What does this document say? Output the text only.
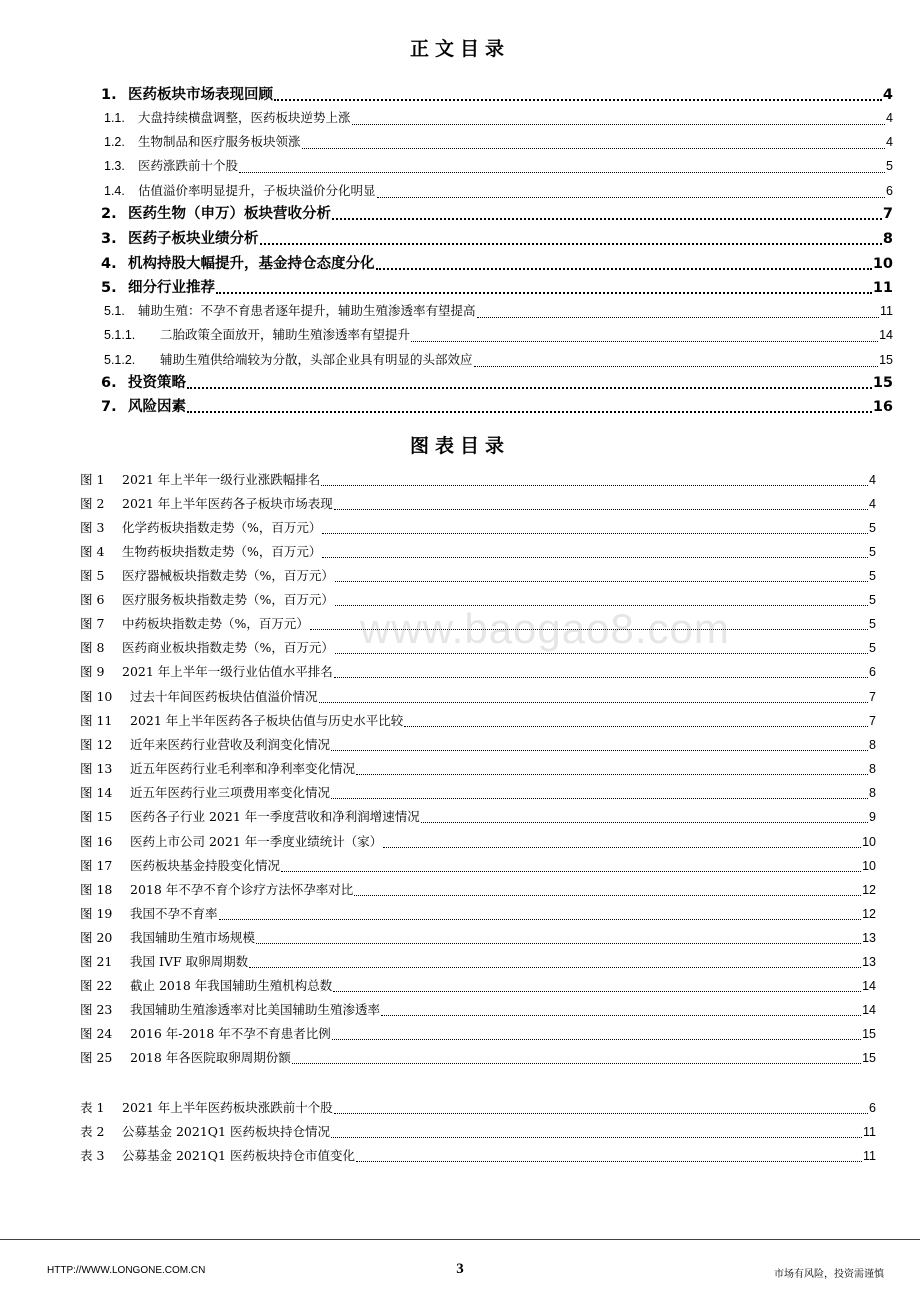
正文目录
1. 医药板块市场表现回顾	4
1.1.	大盘持续横盘调整，医药板块逆势上涨	4
1.2.	生物制品和医疗服务板块领涨	4
1.3.	医药涨跌前十个股	5
1.4.	估值溢价率明显提升，子板块溢价分化明显	6
2. 医药生物（申万）板块营收分析	7
3. 医药子板块业绩分析	8
4. 机构持股大幅提升，基金持仓态度分化	10
5. 细分行业推荐	11
5.1.	辅助生殖：不孕不育患者逐年提升，辅助生殖渗透率有望提高	11
5.1.1.	二胎政策全面放开，辅助生殖渗透率有望提升	14
5.1.2.	辅助生殖供给端较为分散，头部企业具有明显的头部效应	15
6. 投资策略	15
7. 风险因素	16
图表目录
图 1	2021 年上半年一级行业涨跌幅排名	4
图 2	2021 年上半年医药各子板块市场表现	4
图 3	化学药板块指数走势（%，百万元）	5
图 4	生物药板块指数走势（%，百万元）	5
图 5	医疗器械板块指数走势（%，百万元）	5
图 6	医疗服务板块指数走势（%，百万元）	5
图 7	中药板块指数走势（%，百万元）	5
图 8	医药商业板块指数走势（%，百万元）	5
图 9	2021 年上半年一级行业估值水平排名	6
图 10	过去十年间医药板块估值溢价情况	7
图 11	2021 年上半年医药各子板块估值与历史水平比较	7
图 12	近年来医药行业营收及利润变化情况	8
图 13	近五年医药行业毛利率和净利率变化情况	8
图 14	近五年医药行业三项费用率变化情况	8
图 15	医药各子行业 2021 年一季度营收和净利润增速情况	9
图 16	医药上市公司 2021 年一季度业绩统计（家）	10
图 17	医药板块基金持股变化情况	10
图 18	2018 年不孕不育个诊疗方法怀孕率对比	12
图 19	我国不孕不育率	12
图 20	我国辅助生殖市场规模	13
图 21	我国 IVF 取卵周期数	13
图 22	截止 2018 年我国辅助生殖机构总数	14
图 23	我国辅助生殖渗透率对比美国辅助生殖渗透率	14
图 24	2016 年-2018 年不孕不育患者比例	15
图 25	2018 年各医院取卵周期份额	15
表 1	2021 年上半年医药板块涨跌前十个股	6
表 2	公募基金 2021Q1 医药板块持仓情况	11
表 3	公募基金 2021Q1 医药板块持仓市值变化	11
www.baogao8.com
HTTP://WWW.LONGONE.COM.CN	3	市场有风险，投资需谨慎
